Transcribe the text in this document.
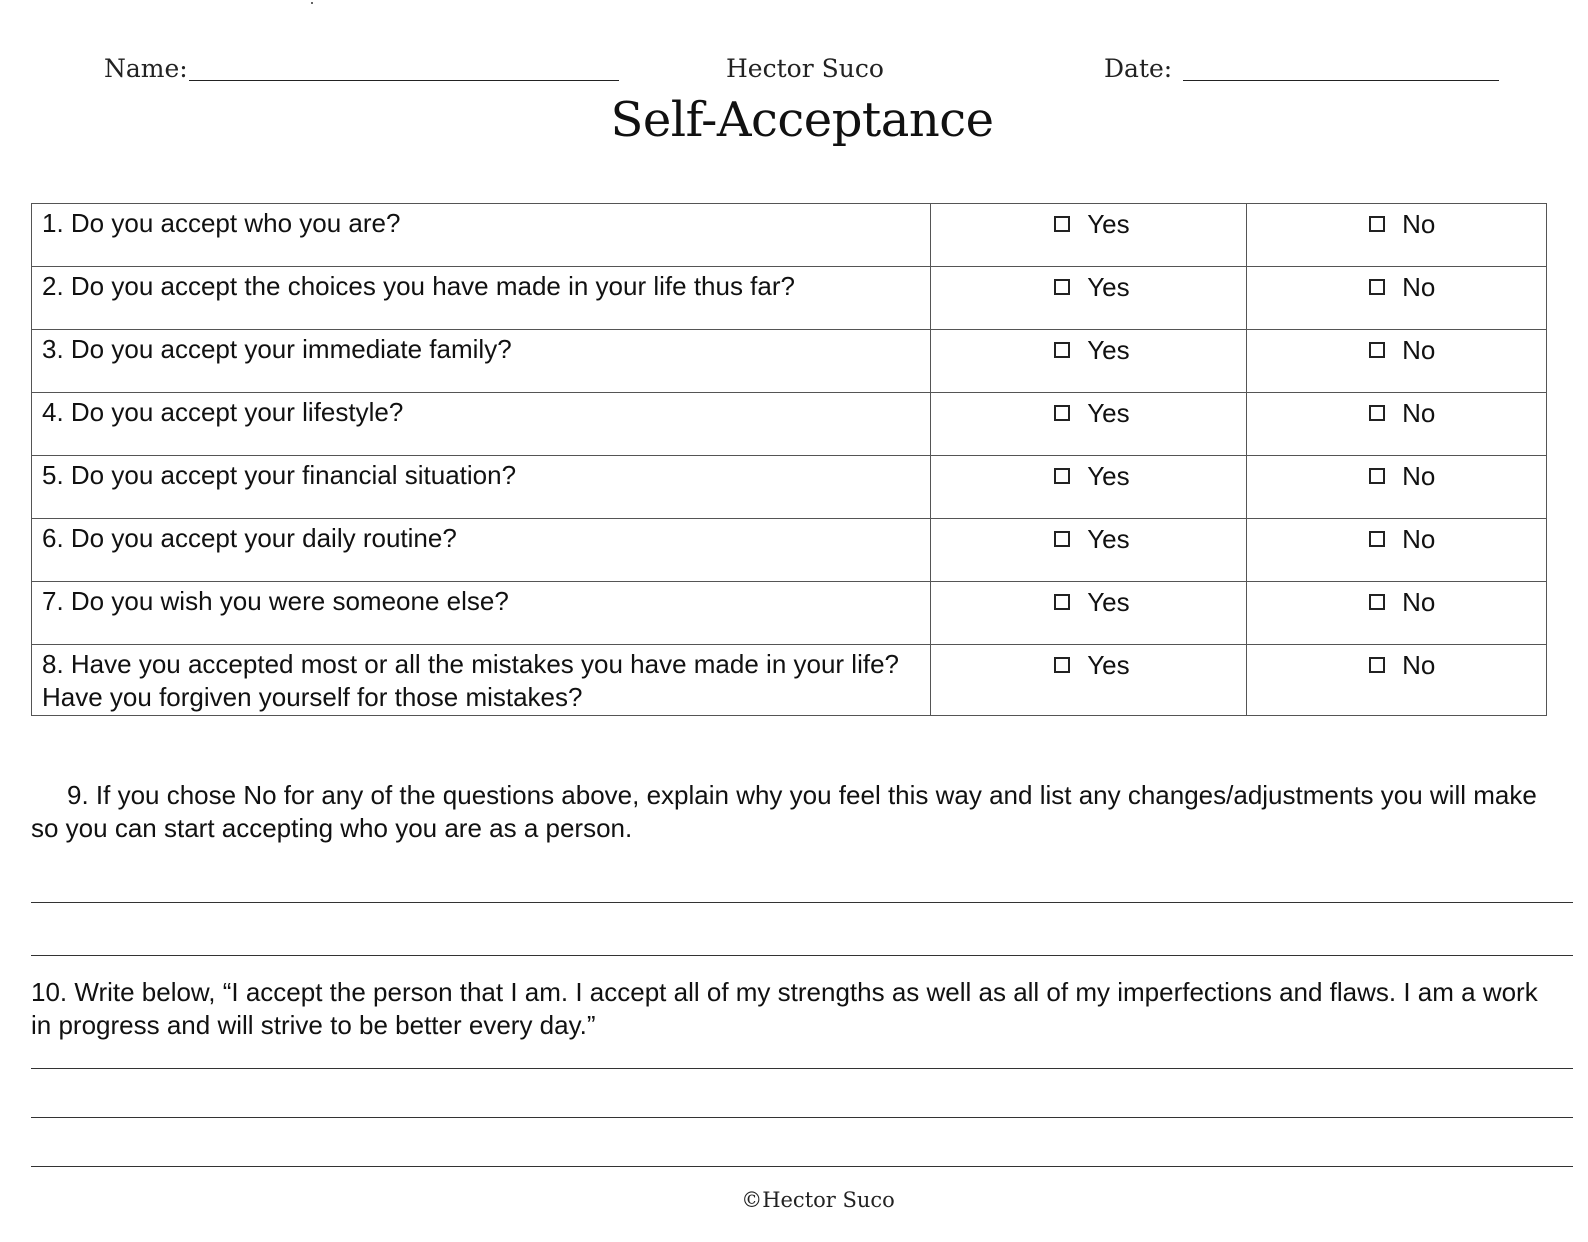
Name:	Hector Suco	Date:
Self-Acceptance
1. Do you accept who you are?	Yes	No

2. Do you accept the choices you have made in your life thus far?	Yes	No

3. Do you accept your immediate family?	Yes	No

4. Do you accept your lifestyle?	Yes	No

5. Do you accept your financial situation?	Yes	No

6. Do you accept your daily routine?	Yes	No

7. Do you wish you were someone else?	Yes	No

8. Have you accepted most or all the mistakes you have made in your life? Have you forgiven yourself for those mistakes?	Yes	No
9. If you chose No for any of the questions above, explain why you feel this way and list any changes/adjustments you will make so you can start accepting who you are as a person.
10. Write below, “I accept the person that I am. I accept all of my strengths as well as all of my imperfections and flaws. I am a work in progress and will strive to be better every day.”
©Hector Suco
